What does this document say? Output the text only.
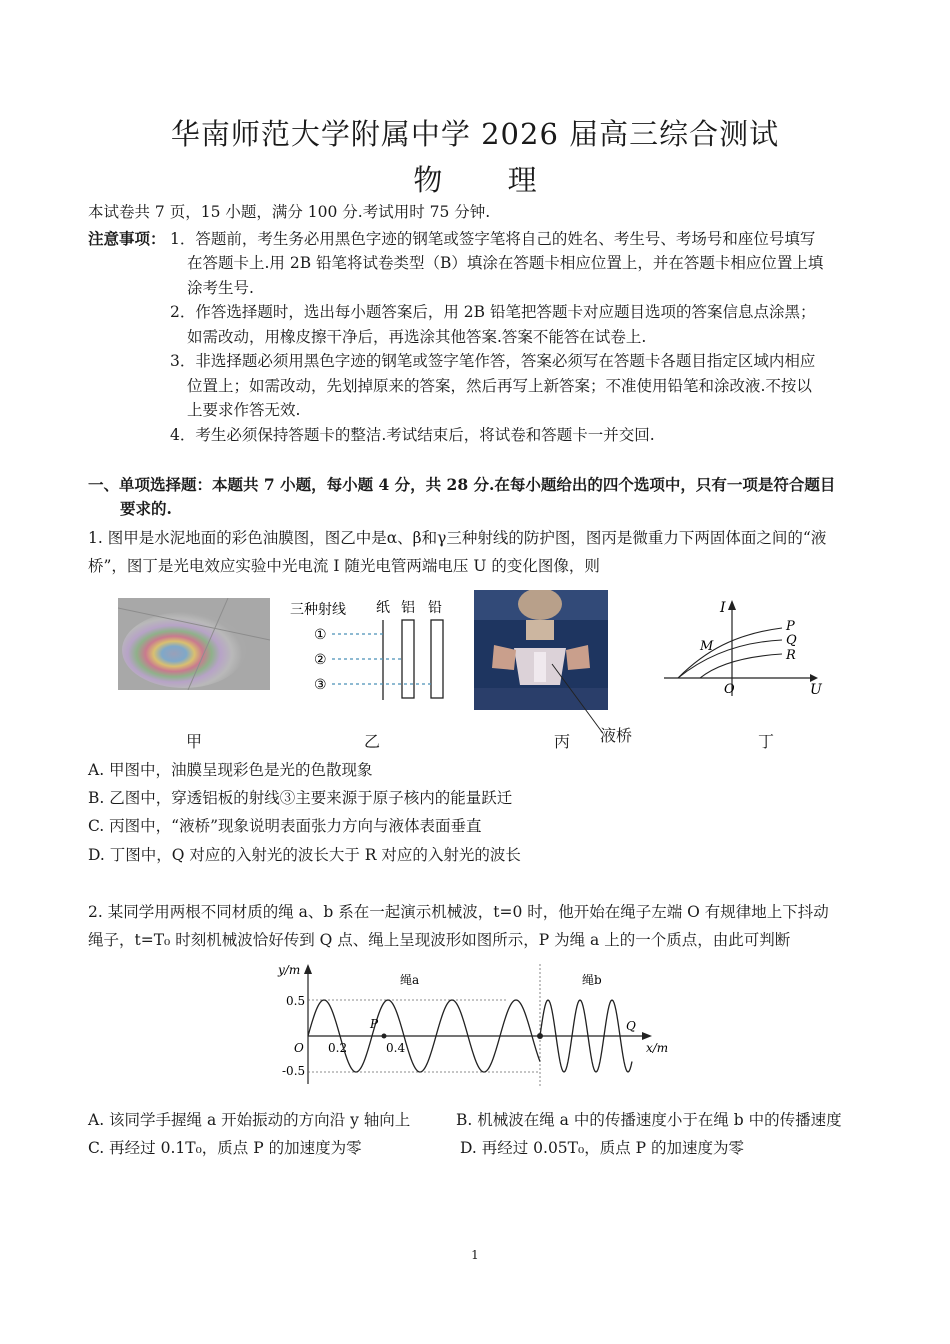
华南师范大学附属中学 2026 届高三综合测试
物 理
本试卷共 7 页，15 小题，满分 100 分.考试用时 75 分钟.
注意事项： 1．答题前，考生务必用黑色字迹的钢笔或签字笔将自己的姓名、考生号、考场号和座位号填写
在答题卡上.用 2B 铅笔将试卷类型（B）填涂在答题卡相应位置上，并在答题卡相应位置上填
涂考生号.
2．作答选择题时，选出每小题答案后，用 2B 铅笔把答题卡对应题目选项的答案信息点涂黑；
如需改动，用橡皮擦干净后，再选涂其他答案.答案不能答在试卷上.
3．非选择题必须用黑色字迹的钢笔或签字笔作答，答案必须写在答题卡各题目指定区域内相应
位置上；如需改动，先划掉原来的答案，然后再写上新答案；不准使用铅笔和涂改液.不按以
上要求作答无效.
4．考生必须保持答题卡的整洁.考试结束后，将试卷和答题卡一并交回.
一、单项选择题：本题共 7 小题，每小题 4 分，共 28 分.在每小题给出的四个选项中，只有一项是符合题目
要求的.
1. 图甲是水泥地面的彩色油膜图，图乙中是α、β和γ三种射线的防护图，图丙是微重力下两固体面之间的“液
桥”，图丁是光电效应实验中光电流 I 随光电管两端电压 U 的变化图像，则
甲
三种射线 纸 铝 铅
①
②
③
乙	液桥
丙
I
U
O
P
Q
R
M
丁
A. 甲图中，油膜呈现彩色是光的色散现象
B. 乙图中，穿透铝板的射线③主要来源于原子核内的能量跃迁
C. 丙图中，“液桥”现象说明表面张力方向与液体表面垂直
D. 丁图中，Q 对应的入射光的波长大于 R 对应的入射光的波长
2. 某同学用两根不同材质的绳 a、b 系在一起演示机械波，t=0 时，他开始在绳子左端 O 有规律地上下抖动
绳子，t=T₀ 时刻机械波恰好传到 Q 点、绳上呈现波形如图所示，P 为绳 a 上的一个质点，由此可判断
y/m
x/m
0.5
-0.5
O 0.2	0.4
P	Q
绳a	绳b
A. 该同学手握绳 a 开始振动的方向沿 y 轴向上	B. 机械波在绳 a 中的传播速度小于在绳 b 中的传播速度
C. 再经过 0.1T₀，质点 P 的加速度为零	D. 再经过 0.05T₀，质点 P 的加速度为零
1
